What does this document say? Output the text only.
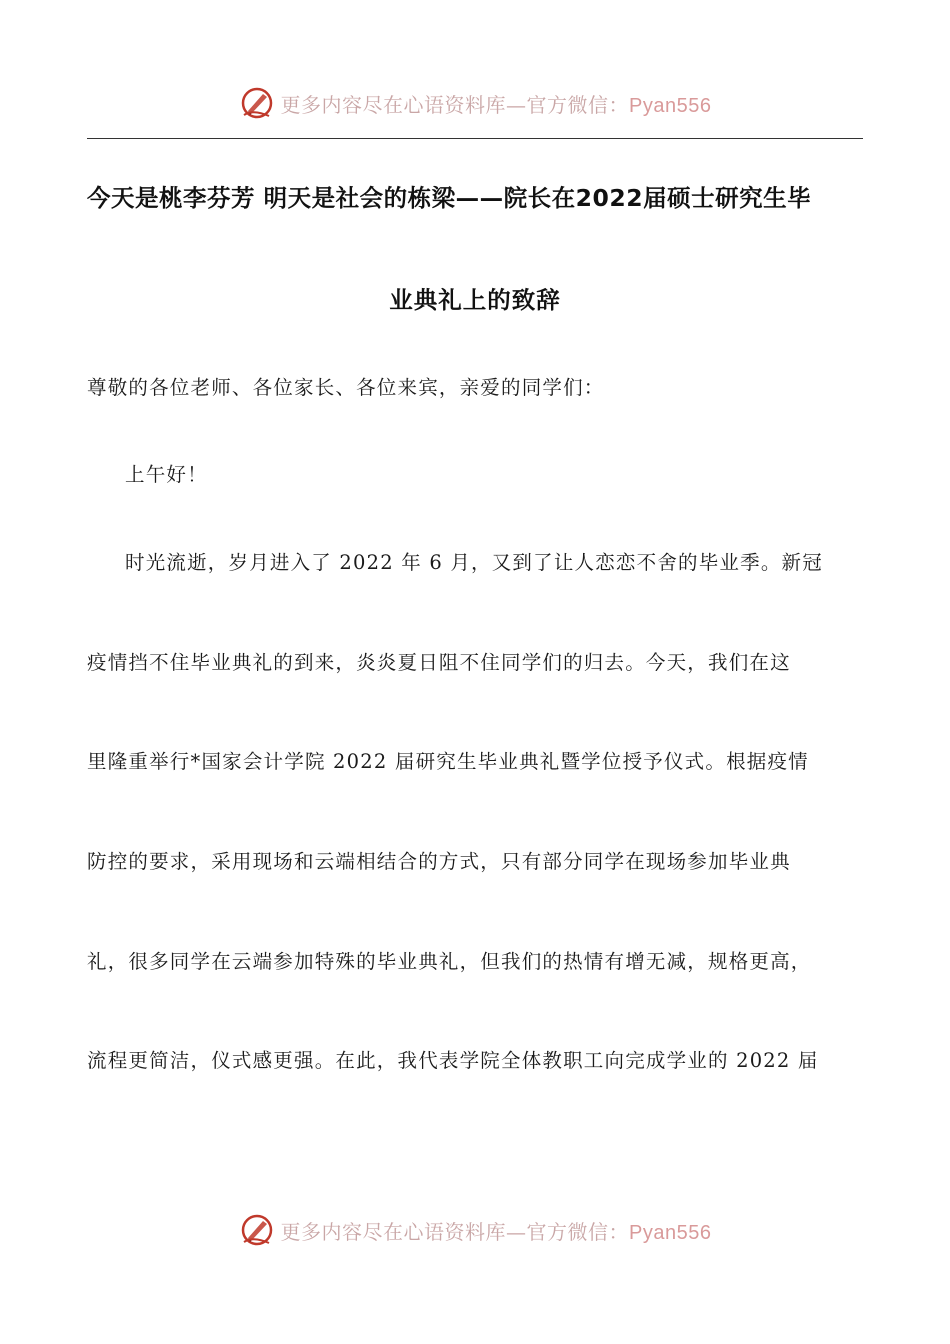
更多内容尽在心语资料库—官方微信：Pyan556
今天是桃李芬芳 明天是社会的栋梁——院长在2022届硕士研究生毕
业典礼上的致辞
尊敬的各位老师、各位家长、各位来宾，亲爱的同学们：
上午好！
时光流逝，岁月进入了 2022 年 6 月，又到了让人恋恋不舍的毕业季。新冠
疫情挡不住毕业典礼的到来，炎炎夏日阻不住同学们的归去。今天，我们在这
里隆重举行*国家会计学院 2022 届研究生毕业典礼暨学位授予仪式。根据疫情
防控的要求，采用现场和云端相结合的方式，只有部分同学在现场参加毕业典
礼，很多同学在云端参加特殊的毕业典礼，但我们的热情有增无减，规格更高，
流程更简洁，仪式感更强。在此，我代表学院全体教职工向完成学业的 2022 届
更多内容尽在心语资料库—官方微信：Pyan556
